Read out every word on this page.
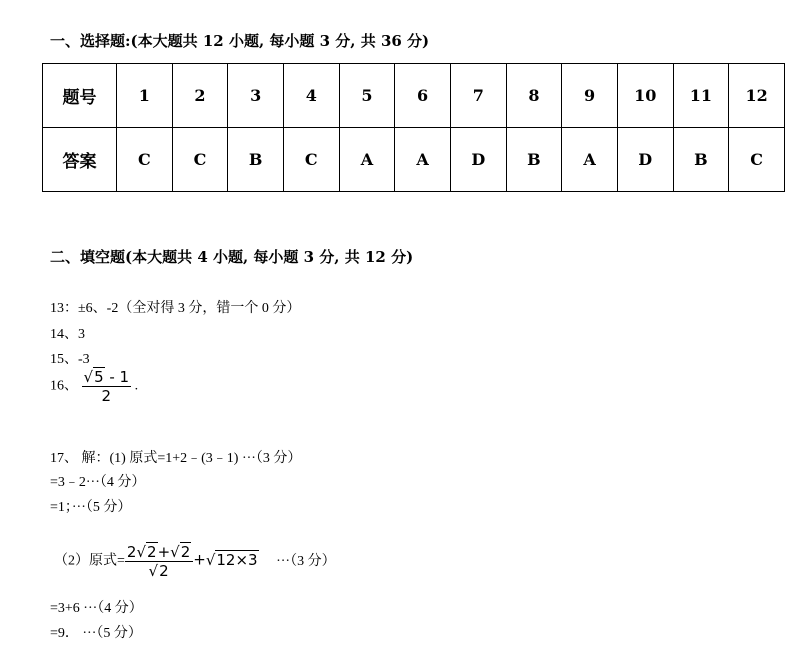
一、选择题:(本大题共 12 小题, 每小题 3 分, 共 36 分)
题号	1	2	3	4	5	6	7	8	9	10	11	12
答案	C	C	B	C	A	A	D	B	A	D	B	C
二、填空题(本大题共 4 小题, 每小题 3 分, 共 12 分)
13：±6、-2（全对得 3 分，错一个 0 分）
14、3
15、-3
16、 $\frac{√5 - 1}{2}$ .
17、 解：(1) 原式=1+2﹣(3﹣1) ···（3 分）
=3﹣2···（4 分）
=1；···（5 分）
（2）原式= $\frac{2√2+√2}{√2} +√12\times 3 \cdot\cdot\cdot(3$ 分）
=3+6 ···（4 分）
=9． ···（5 分）
